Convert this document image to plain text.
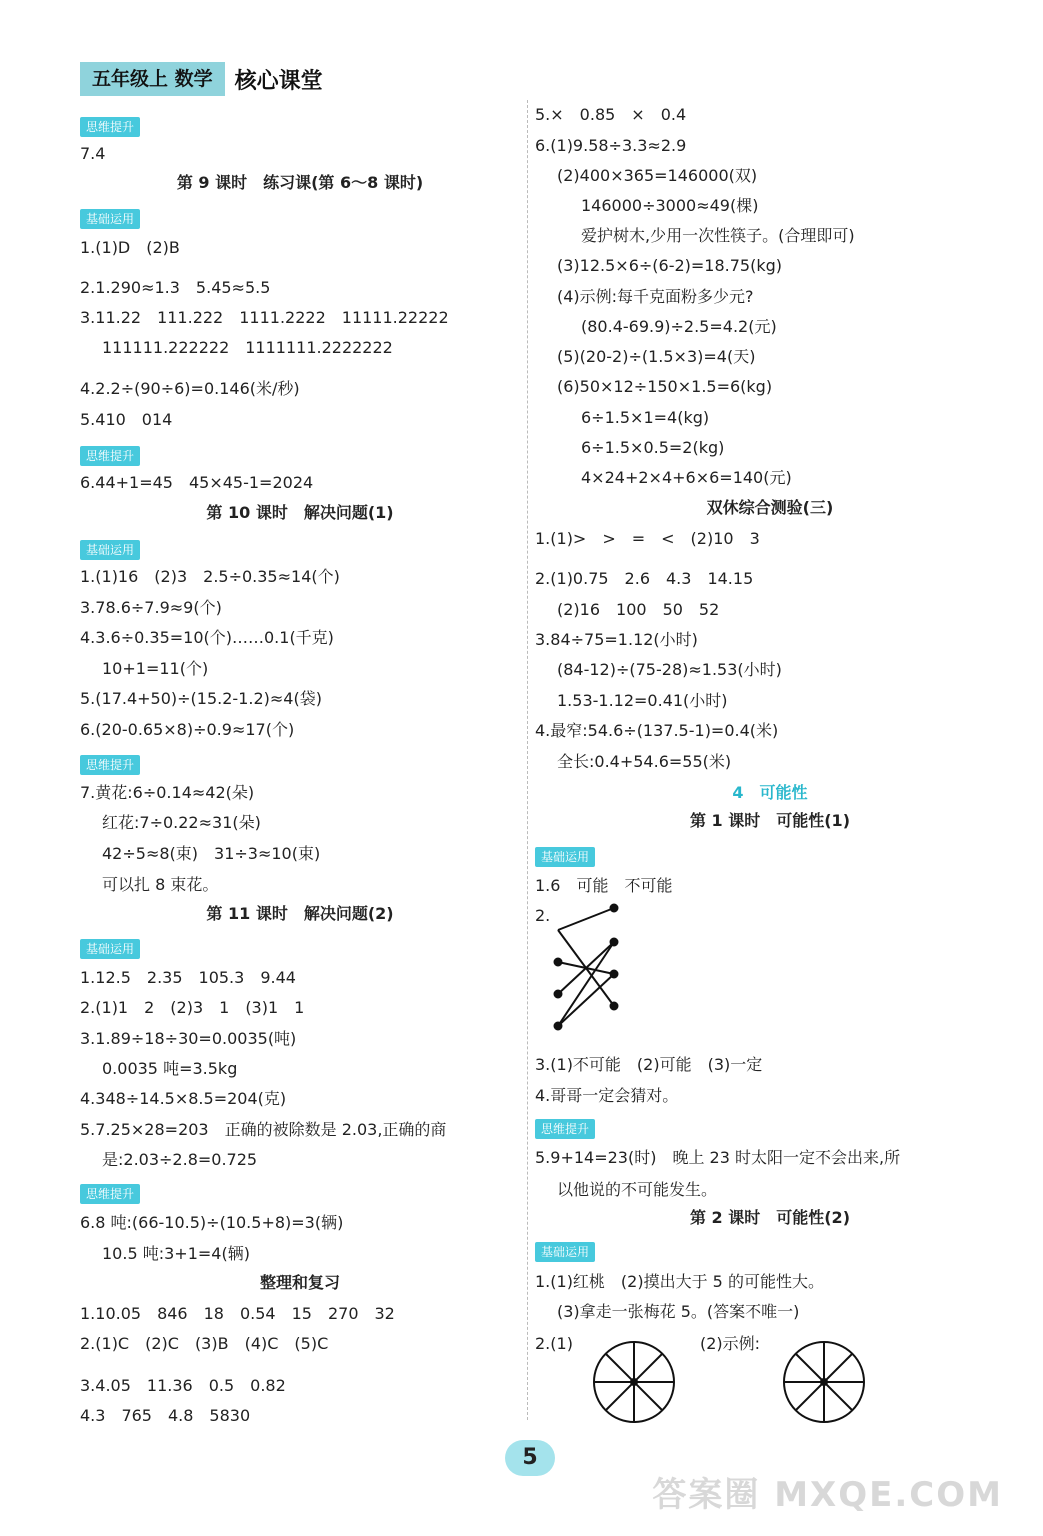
五年级上 数学	核心课堂
思维提升
7.4
第 9 课时　练习课(第 6～8 课时)
基础运用
1.(1)D　(2)B
2.1.290≈1.3　5.45≈5.5
3.11.22　111.222　1111.2222　11111.22222
111111.222222　1111111.2222222
4.2.2÷(90÷6)=0.146(米/秒)
5.410　014
思维提升
6.44+1=45　45×45-1=2024
第 10 课时　解决问题(1)
基础运用
1.(1)16　(2)3　2.5÷0.35≈14(个)
3.78.6÷7.9≈9(个)
4.3.6÷0.35=10(个)……0.1(千克)
10+1=11(个)
5.(17.4+50)÷(15.2-1.2)≈4(袋)
6.(20-0.65×8)÷0.9≈17(个)
思维提升
7.黄花:6÷0.14≈42(朵)
红花:7÷0.22≈31(朵)
42÷5≈8(束)　31÷3≈10(束)
可以扎 8 束花。
第 11 课时　解决问题(2)
基础运用
1.12.5　2.35　105.3　9.44
2.(1)1　2　(2)3　1　(3)1　1
3.1.89÷18÷30=0.0035(吨)
0.0035 吨=3.5kg
4.348÷14.5×8.5=204(克)
5.7.25×28=203　正确的被除数是 2.03,正确的商
是:2.03÷2.8=0.725
思维提升
6.8 吨:(66-10.5)÷(10.5+8)=3(辆)
10.5 吨:3+1=4(辆)
整理和复习
1.10.05　846　18　0.54　15　270　32
2.(1)C　(2)C　(3)B　(4)C　(5)C
3.4.05　11.36　0.5　0.82
4.3　765　4.8　5830
5.×　0.85　×　0.4
6.(1)9.58÷3.3≈2.9
(2)400×365=146000(双)
146000÷3000≈49(棵)
爱护树木,少用一次性筷子。(合理即可)
(3)12.5×6÷(6-2)=18.75(kg)
(4)示例:每千克面粉多少元?
(80.4-69.9)÷2.5=4.2(元)
(5)(20-2)÷(1.5×3)=4(天)
(6)50×12÷150×1.5=6(kg)
6÷1.5×1=4(kg)
6÷1.5×0.5=2(kg)
4×24+2×4+6×6=140(元)
双休综合测验(三)
1.(1)>　>　=　<　(2)10　3
2.(1)0.75　2.6　4.3　14.15
(2)16　100　50　52
3.84÷75=1.12(小时)
(84-12)÷(75-28)≈1.53(小时)
1.53-1.12=0.41(小时)
4.最窄:54.6÷(137.5-1)=0.4(米)
全长:0.4+54.6=55(米)
4　可能性
第 1 课时　可能性(1)
基础运用
1.6　可能　不可能
2.
3.(1)不可能　(2)可能　(3)一定
4.哥哥一定会猜对。
思维提升
5.9+14=23(时)　晚上 23 时太阳一定不会出来,所
以他说的不可能发生。
第 2 课时　可能性(2)
基础运用
1.(1)红桃　(2)摸出大于 5 的可能性大。
(3)拿走一张梅花 5。(答案不唯一)
2.(1)	(2)示例:
5
答案圈 MXQE.COM
